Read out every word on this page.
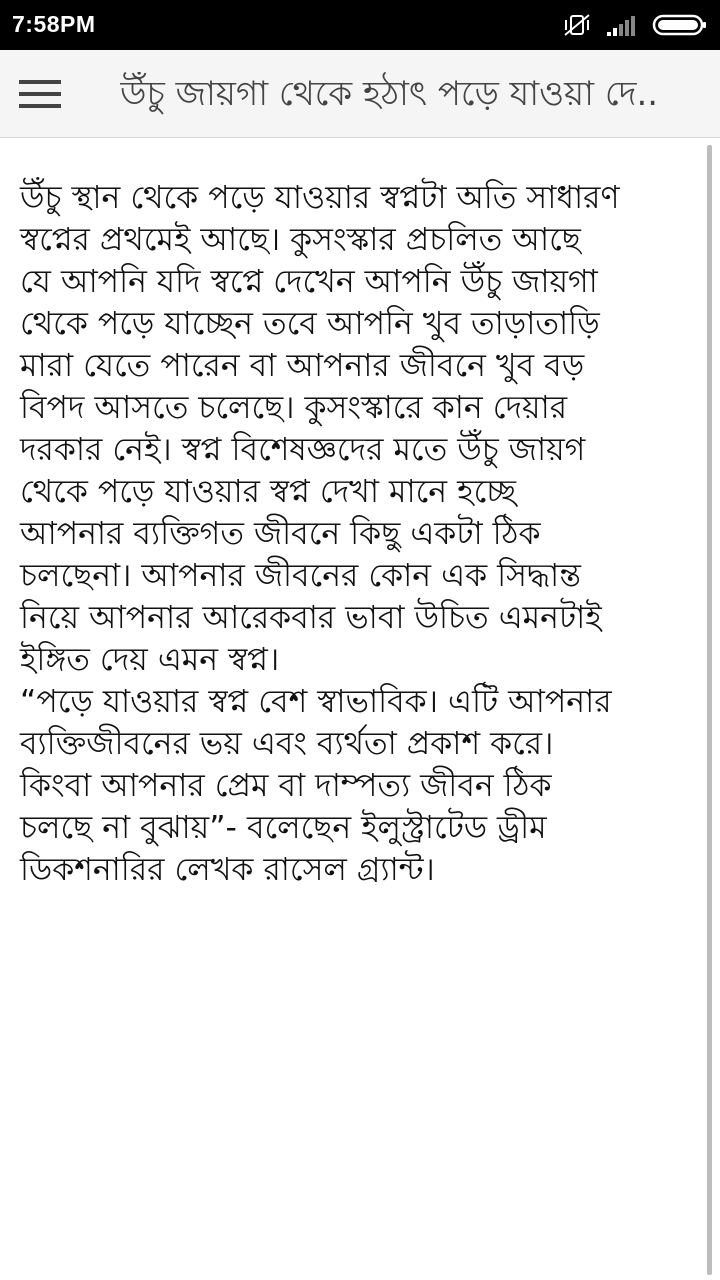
7:58PM
উঁচু জায়গা থেকে হঠাৎ পড়ে যাওয়া দে..
উঁচু স্থান থেকে পড়ে যাওয়ার স্বপ্নটা অতি সাধারণ
স্বপ্নের প্রথমেই আছে। কুসংস্কার প্রচলিত আছে
যে আপনি যদি স্বপ্নে দেখেন আপনি উঁচু জায়গা
থেকে পড়ে যাচ্ছেন তবে আপনি খুব তাড়াতাড়ি
মারা যেতে পারেন বা আপনার জীবনে খুব বড়
বিপদ আসতে চলেছে। কুসংস্কারে কান দেয়ার
দরকার নেই। স্বপ্ন বিশেষজ্ঞদের মতে উঁচু জায়গ
থেকে পড়ে যাওয়ার স্বপ্ন দেখা মানে হচ্ছে
আপনার ব্যক্তিগত জীবনে কিছু একটা ঠিক
চলছেনা। আপনার জীবনের কোন এক সিদ্ধান্ত
নিয়ে আপনার আরেকবার ভাবা উচিত এমনটাই
ইঙ্গিত দেয় এমন স্বপ্ন।
“পড়ে যাওয়ার স্বপ্ন বেশ স্বাভাবিক। এটি আপনার
ব্যক্তিজীবনের ভয় এবং ব্যর্থতা প্রকাশ করে।
কিংবা আপনার প্রেম বা দাম্পত্য জীবন ঠিক
চলছে না বুঝায়”- বলেছেন ইলুস্ট্রাটেড ড্রীম
ডিকশনারির লেখক রাসেল গ্র্যান্ট।
